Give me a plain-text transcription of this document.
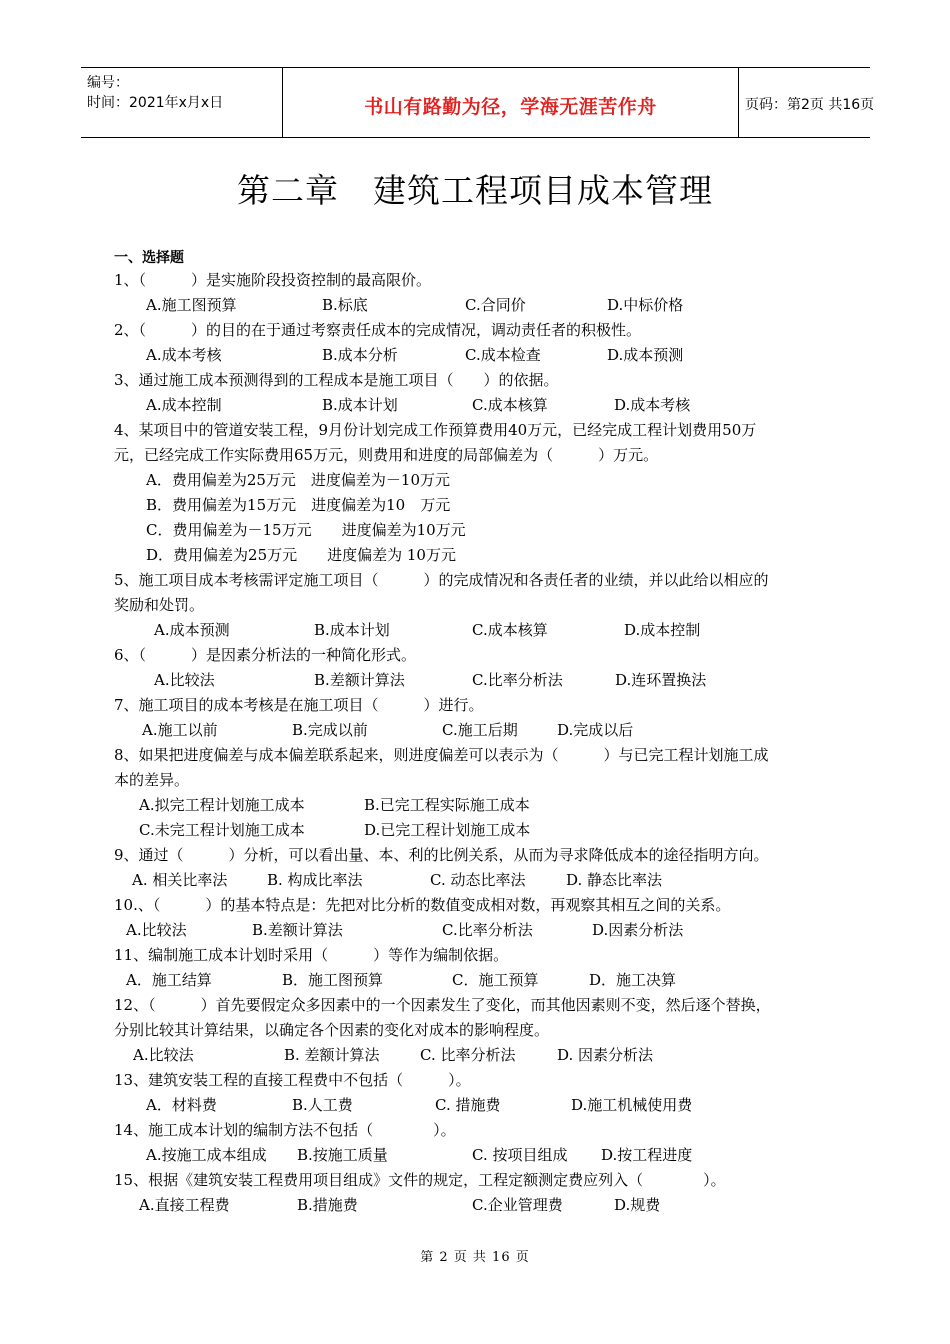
编号：
时间：2021年x月x日	书山有路勤为径，学海无涯苦作舟	页码：第2页 共16页
第二章　建筑工程项目成本管理
一、选择题
1、（　　　）是实施阶段投资控制的最高限价。
A.施工图预算	B.标底	C.合同价	D.中标价格
2、（　　　）的目的在于通过考察责任成本的完成情况，调动责任者的积极性。
A.成本考核	B.成本分析	C.成本检查	D.成本预测
3、通过施工成本预测得到的工程成本是施工项目（　　）的依据。
A.成本控制	B.成本计划	C.成本核算	D.成本考核
4、某项目中的管道安装工程，9月份计划完成工作预算费用40万元，已经完成工程计划费用50万
元，已经完成工作实际费用65万元，则费用和进度的局部偏差为（　　　）万元。
A．费用偏差为25万元　进度偏差为－10万元
B．费用偏差为15万元　进度偏差为10　万元
C．费用偏差为－15万元　　进度偏差为10万元
D．费用偏差为25万元　　进度偏差为 10万元
5、施工项目成本考核需评定施工项目（　　　）的完成情况和各责任者的业绩，并以此给以相应的
奖励和处罚。
A.成本预测	B.成本计划	C.成本核算	D.成本控制
6、（　　　）是因素分析法的一种简化形式。
A.比较法	B.差额计算法	C.比率分析法	D.连环置换法
7、施工项目的成本考核是在施工项目（　　　）进行。
A.施工以前	B.完成以前	C.施工后期	D.完成以后
8、如果把进度偏差与成本偏差联系起来，则进度偏差可以表示为（　　　）与已完工程计划施工成
本的差异。
A.拟完工程计划施工成本	B.已完工程实际施工成本
C.未完工程计划施工成本	D.已完工程计划施工成本
9、通过（　　　）分析，可以看出量、本、利的比例关系，从而为寻求降低成本的途径指明方向。
A. 相关比率法	B. 构成比率法	C. 动态比率法	D. 静态比率法
10.、（　　　）的基本特点是：先把对比分析的数值变成相对数，再观察其相互之间的关系。
A.比较法	B.差额计算法	C.比率分析法	D.因素分析法
11、编制施工成本计划时采用（　　　）等作为编制依据。
A．施工结算	B．施工图预算	C．施工预算	D．施工决算
12、（　　　）首先要假定众多因素中的一个因素发生了变化，而其他因素则不变，然后逐个替换，
分别比较其计算结果，以确定各个因素的变化对成本的影响程度。
A.比较法	B. 差额计算法	C. 比率分析法	D. 因素分析法
13、建筑安装工程的直接工程费中不包括（　　　）。
A．材料费	B.人工费	C. 措施费	D.施工机械使用费
14、施工成本计划的编制方法不包括（　　　　）。
A.按施工成本组成 B.按施工质量	C. 按项目组成 D.按工程进度
15、根据《建筑安装工程费用项目组成》文件的规定，工程定额测定费应列入（　　　　）。
A.直接工程费	B.措施费	C.企业管理费	D.规费
第 2 页 共 16 页
